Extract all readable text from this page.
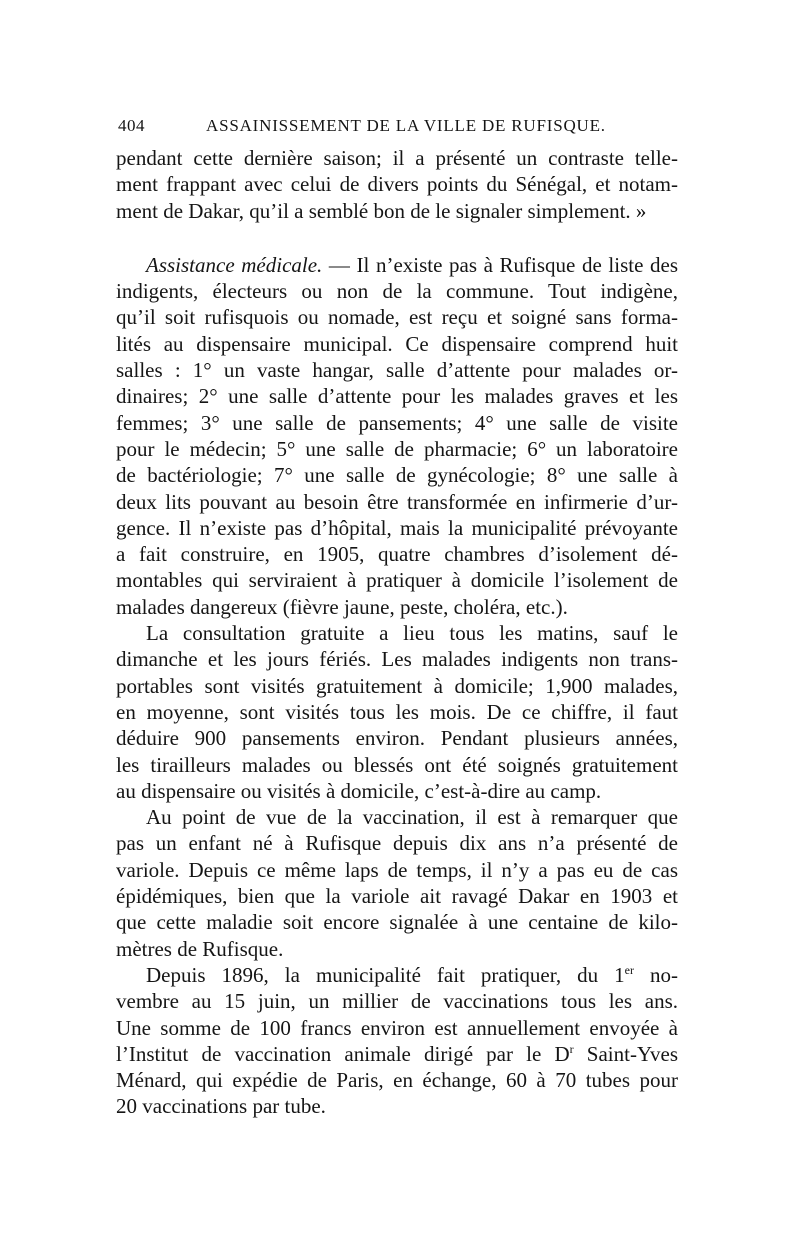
404	ASSAINISSEMENT DE LA VILLE DE RUFISQUE.
pendant cette dernière saison; il a présenté un contraste telle-
ment frappant avec celui de divers points du Sénégal, et notam-
ment de Dakar, qu’il a semblé bon de le signaler simplement. »
Assistance médicale. — Il n’existe pas à Rufisque de liste des
indigents, électeurs ou non de la commune. Tout indigène,
qu’il soit rufisquois ou nomade, est reçu et soigné sans forma-
lités au dispensaire municipal. Ce dispensaire comprend huit
salles : 1° un vaste hangar, salle d’attente pour malades or-
dinaires; 2° une salle d’attente pour les malades graves et les
femmes; 3° une salle de pansements; 4° une salle de visite
pour le médecin; 5° une salle de pharmacie; 6° un laboratoire
de bactériologie; 7° une salle de gynécologie; 8° une salle à
deux lits pouvant au besoin être transformée en infirmerie d’ur-
gence. Il n’existe pas d’hôpital, mais la municipalité prévoyante
a fait construire, en 1905, quatre chambres d’isolement dé-
montables qui serviraient à pratiquer à domicile l’isolement de
malades dangereux (fièvre jaune, peste, choléra, etc.).
La consultation gratuite a lieu tous les matins, sauf le
dimanche et les jours fériés. Les malades indigents non trans-
portables sont visités gratuitement à domicile; 1,900 malades,
en moyenne, sont visités tous les mois. De ce chiffre, il faut
déduire 900 pansements environ. Pendant plusieurs années,
les tirailleurs malades ou blessés ont été soignés gratuitement
au dispensaire ou visités à domicile, c’est-à-dire au camp.
Au point de vue de la vaccination, il est à remarquer que
pas un enfant né à Rufisque depuis dix ans n’a présenté de
variole. Depuis ce même laps de temps, il n’y a pas eu de cas
épidémiques, bien que la variole ait ravagé Dakar en 1903 et
que cette maladie soit encore signalée à une centaine de kilo-
mètres de Rufisque.
Depuis 1896, la municipalité fait pratiquer, du 1er no-
vembre au 15 juin, un millier de vaccinations tous les ans.
Une somme de 100 francs environ est annuellement envoyée à
l’Institut de vaccination animale dirigé par le $D^r$ Saint-Yves
Ménard, qui expédie de Paris, en échange, 60 à 70 tubes pour
20 vaccinations par tube.
